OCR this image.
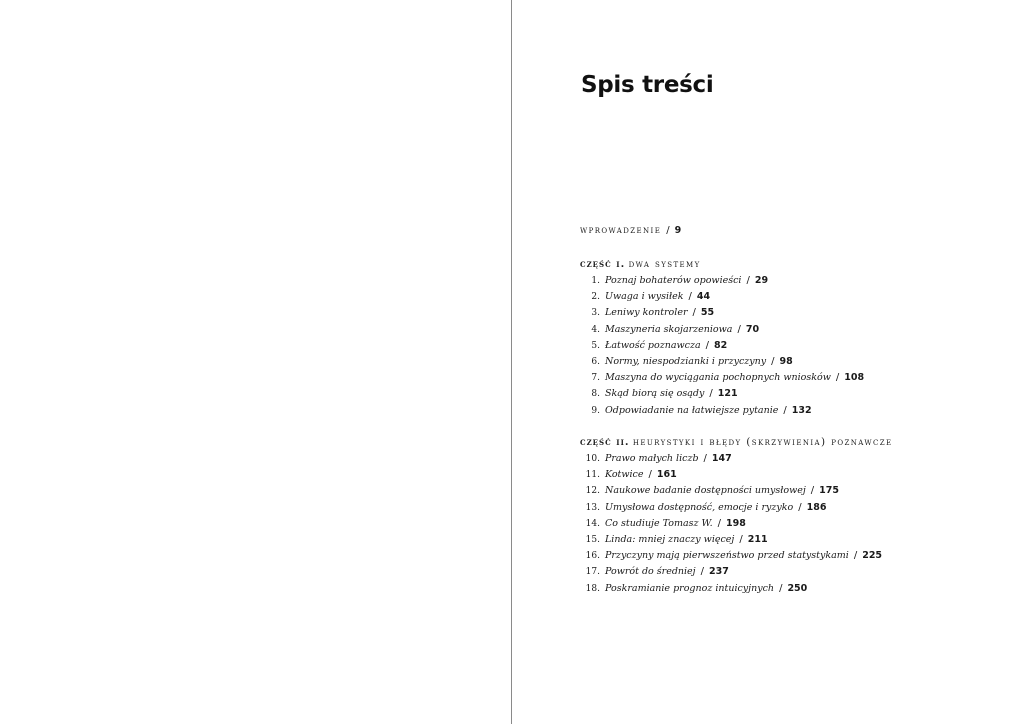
Spis treści
wprowadzenie / 9
część i. dwa systemy
1. Poznaj bohaterów opowieści / 29
2. Uwaga i wysiłek / 44
3. Leniwy kontroler / 55
4. Maszyneria skojarzeniowa / 70
5. Łatwość poznawcza / 82
6. Normy, niespodzianki i przyczyny / 98
7. Maszyna do wyciągania pochopnych wniosków / 108
8. Skąd biorą się osądy / 121
9. Odpowiadanie na łatwiejsze pytanie / 132
część ii. heurystyki i błędy (skrzywienia) poznawcze
10. Prawo małych liczb / 147
11. Kotwice / 161
12. Naukowe badanie dostępności umysłowej / 175
13. Umysłowa dostępność, emocje i ryzyko / 186
14. Co studiuje Tomasz W. / 198
15. Linda: mniej znaczy więcej / 211
16. Przyczyny mają pierwszeństwo przed statystykami / 225
17. Powrót do średniej / 237
18. Poskramianie prognoz intuicyjnych / 250
